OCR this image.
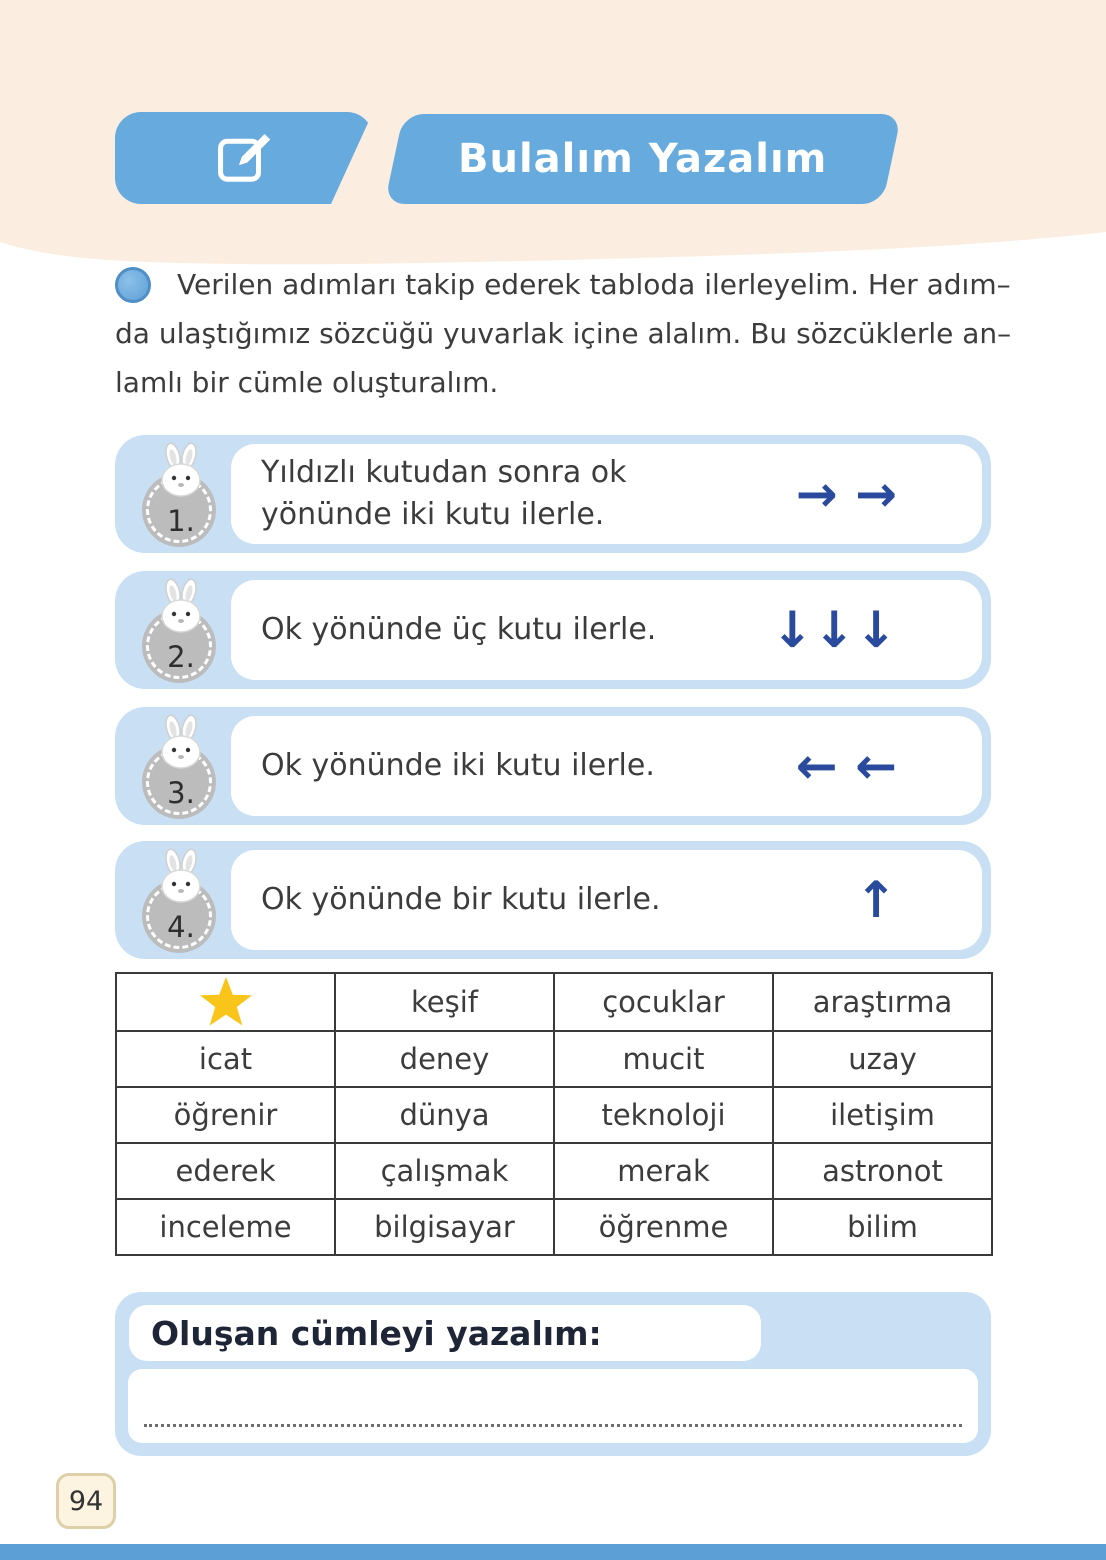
Bulalım Yazalım
Verilen adımları takip ederek tabloda ilerleyelim. Her adım–
da ulaştığımız sözcüğü yuvarlak içine alalım. Bu sözcüklerle an–
lamlı bir cümle oluşturalım.
1.
Yıldızlı kutudan sonra ok yönünde iki kutu ilerle.	→ →
2.
Ok yönünde üç kutu ilerle. ↓↓↓
3.
Ok yönünde iki kutu ilerle.	← ←
4.
Ok yönünde bir kutu ilerle.	↑
	keşif	çocuklar	araştırma
icat	deney	mucit	uzay
öğrenir	dünya	teknoloji	iletişim
ederek	çalışmak	merak	astronot
inceleme	bilgisayar	öğrenme	bilim
Oluşan cümleyi yazalım:
94
